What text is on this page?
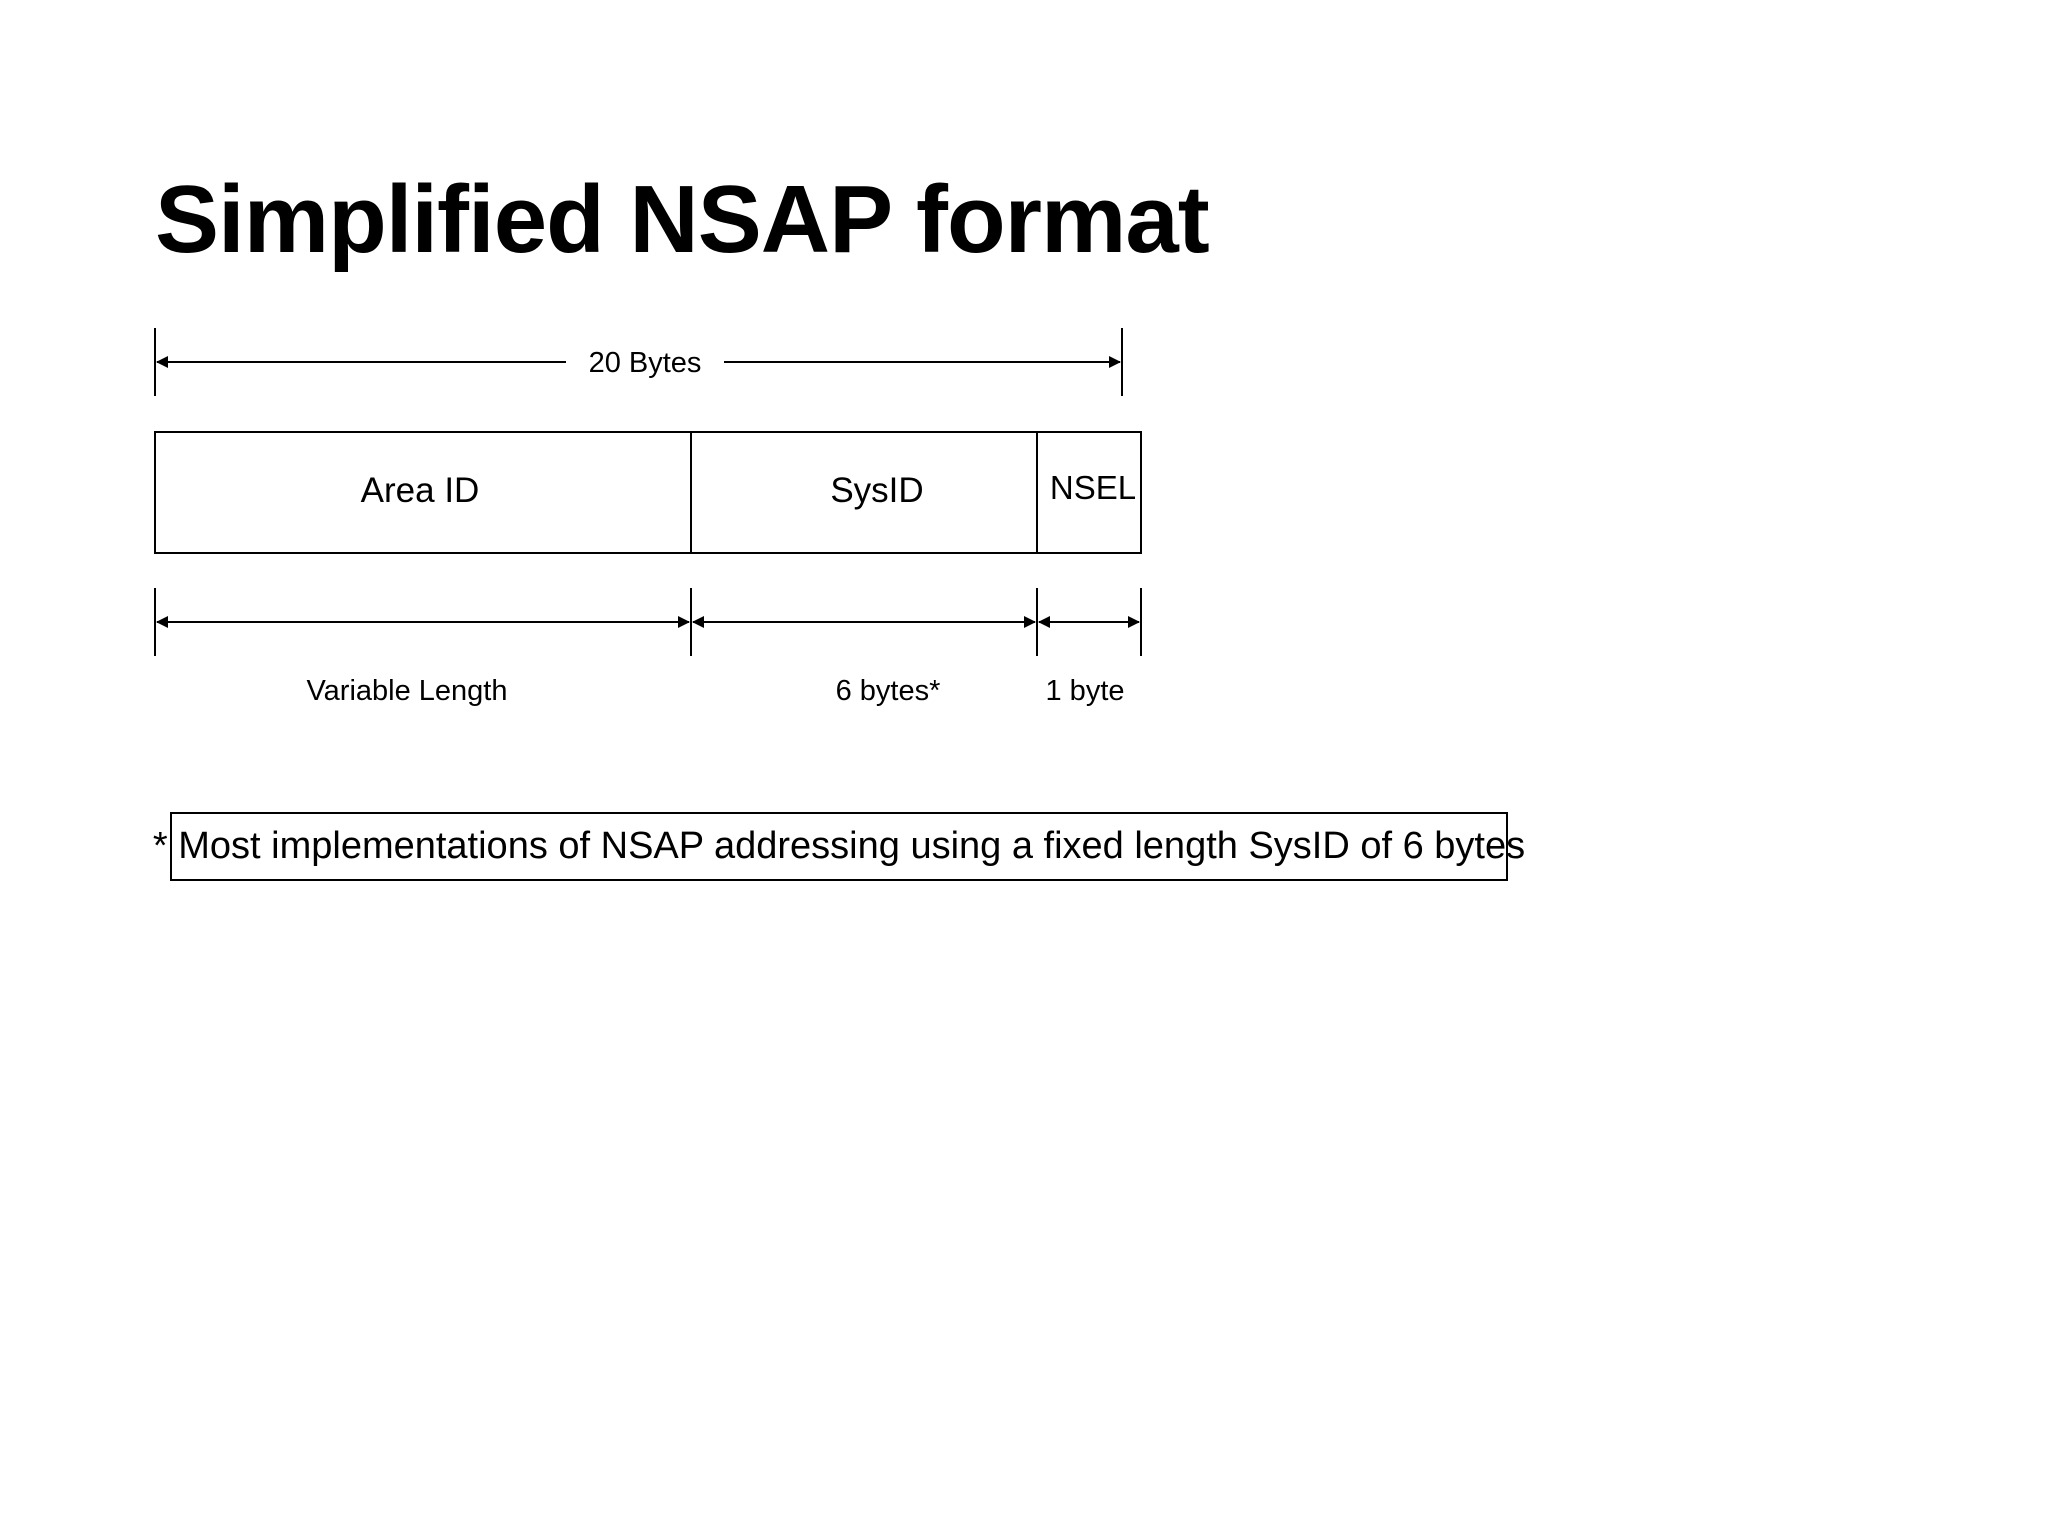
Simplified NSAP format
20 Bytes
Area ID	SysID	NSEL
Variable Length	6 bytes*	1 byte
* Most implementations of NSAP addressing using a fixed length SysID of 6 bytes
